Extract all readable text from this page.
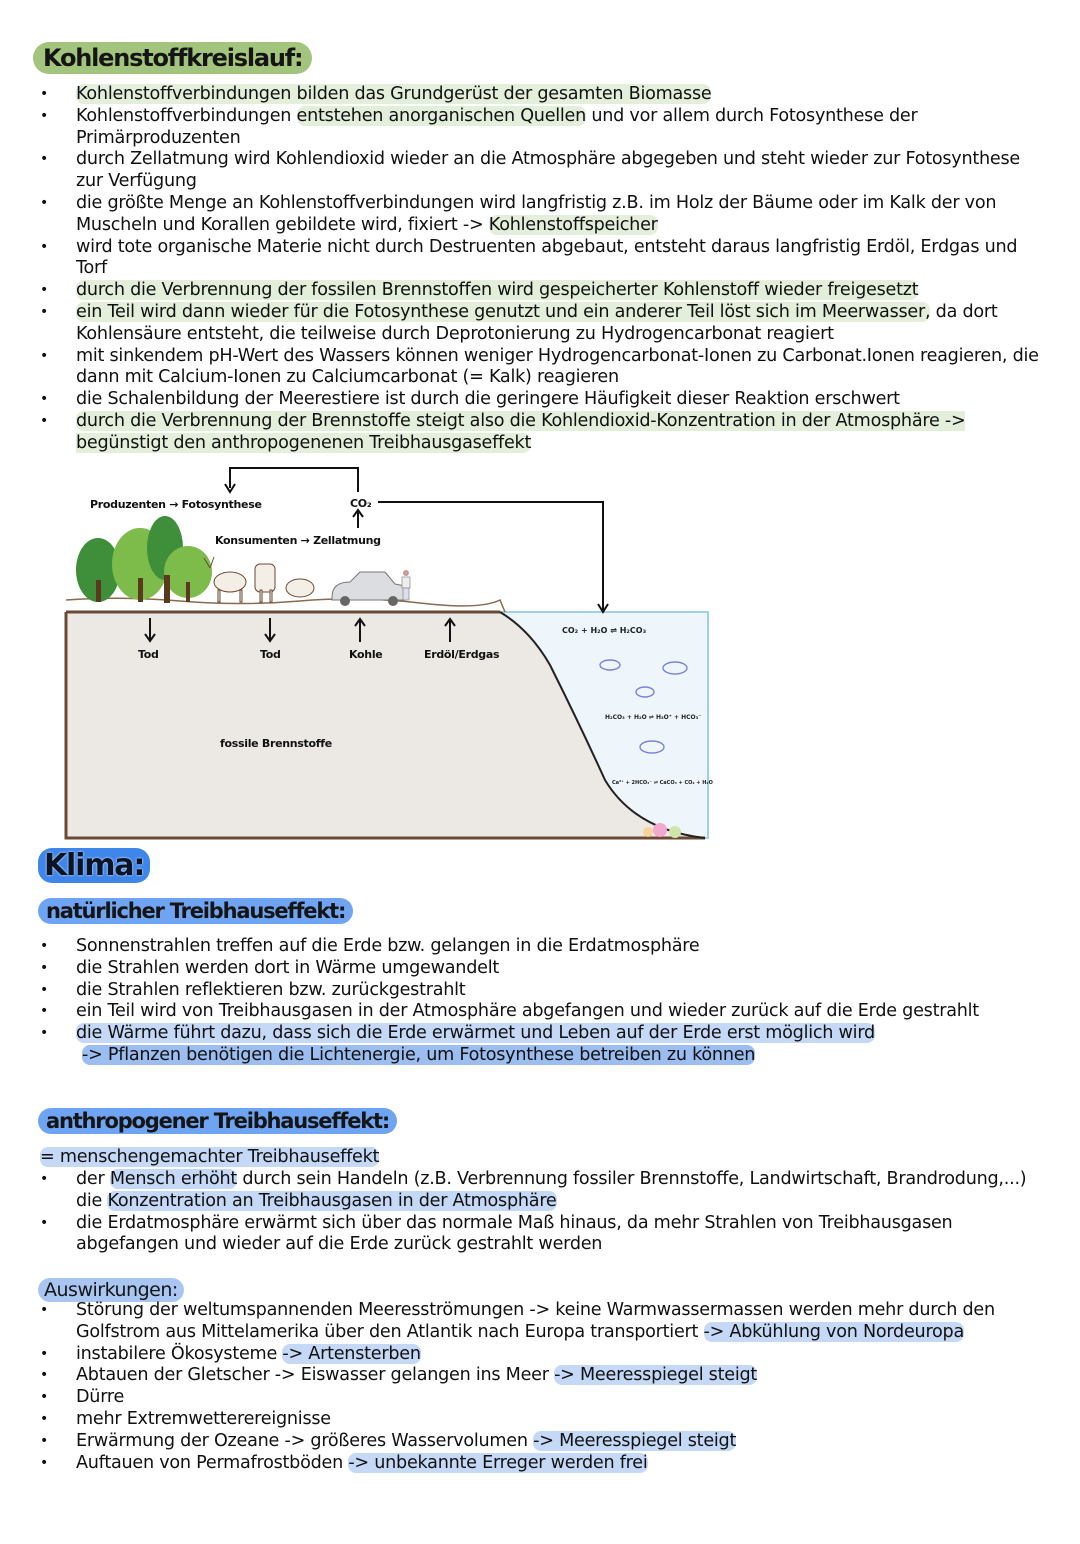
Kohlenstoffkreislauf:
• Kohlenstoffverbindungen bilden das Grundgerüst der gesamten Biomasse
• Kohlenstoffverbindungen entstehen anorganischen Quellen und vor allem durch Fotosynthese der Primärproduzenten
• durch Zellatmung wird Kohlendioxid wieder an die Atmosphäre abgegeben und steht wieder zur Fotosynthese zur Verfügung
• die größte Menge an Kohlenstoffverbindungen wird langfristig z.B. im Holz der Bäume oder im Kalk der von Muscheln und Korallen gebildete wird, fixiert -> Kohlenstoffspeicher
• wird tote organische Materie nicht durch Destruenten abgebaut, entsteht daraus langfristig Erdöl, Erdgas und Torf
• durch die Verbrennung der fossilen Brennstoffen wird gespeicherter Kohlenstoff wieder freigesetzt
• ein Teil wird dann wieder für die Fotosynthese genutzt und ein anderer Teil löst sich im Meerwasser, da dort Kohlensäure entsteht, die teilweise durch Deprotonierung zu Hydrogencarbonat reagiert
• mit sinkendem pH-Wert des Wassers können weniger Hydrogencarbonat-Ionen zu Carbonat.Ionen reagieren, die dann mit Calcium-Ionen zu Calciumcarbonat (= Kalk) reagieren
• die Schalenbildung der Meerestiere ist durch die geringere Häufigkeit dieser Reaktion erschwert
• durch die Verbrennung der Brennstoffe steigt also die Kohlendioxid-Konzentration in der Atmosphäre -> begünstigt den anthropogenenen Treibhausgaseffekt
Produzenten → Fotosynthese	CO₂
Konsumenten → Zellatmung
Tod	Tod	Kohle	Erdöl/Erdgas
fossile Brennstoffe
CO₂ + H₂O ⇌ H₂CO₃
H₂CO₃ + H₂O ⇌ H₃O⁺ + HCO₃⁻
Ca²⁺ + 2HCO₃⁻ ⇌ CaCO₃ + CO₂ + H₂O
Klima:
natürlicher Treibhauseffekt:
• Sonnenstrahlen treffen auf die Erde bzw. gelangen in die Erdatmosphäre
• die Strahlen werden dort in Wärme umgewandelt
• die Strahlen reflektieren bzw. zurückgestrahlt
• ein Teil wird von Treibhausgasen in der Atmosphäre abgefangen und wieder zurück auf die Erde gestrahlt
• die Wärme führt dazu, dass sich die Erde erwärmet und Leben auf der Erde erst möglich wird
-> Pflanzen benötigen die Lichtenergie, um Fotosynthese betreiben zu können
anthropogener Treibhauseffekt:
= menschengemachter Treibhauseffekt
• der Mensch erhöht durch sein Handeln (z.B. Verbrennung fossiler Brennstoffe, Landwirtschaft, Brandrodung,...) die Konzentration an Treibhausgasen in der Atmosphäre
• die Erdatmosphäre erwärmt sich über das normale Maß hinaus, da mehr Strahlen von Treibhausgasen abgefangen und wieder auf die Erde zurück gestrahlt werden
Auswirkungen:
• Störung der weltumspannenden Meeresströmungen -> keine Warmwassermassen werden mehr durch den Golfstrom aus Mittelamerika über den Atlantik nach Europa transportiert -> Abkühlung von Nordeuropa
• instabilere Ökosysteme -> Artensterben
• Abtauen der Gletscher -> Eiswasser gelangen ins Meer -> Meeresspiegel steigt
• Dürre
• mehr Extremwetterereignisse
• Erwärmung der Ozeane -> größeres Wasservolumen -> Meeresspiegel steigt
• Auftauen von Permafrostböden -> unbekannte Erreger werden frei
